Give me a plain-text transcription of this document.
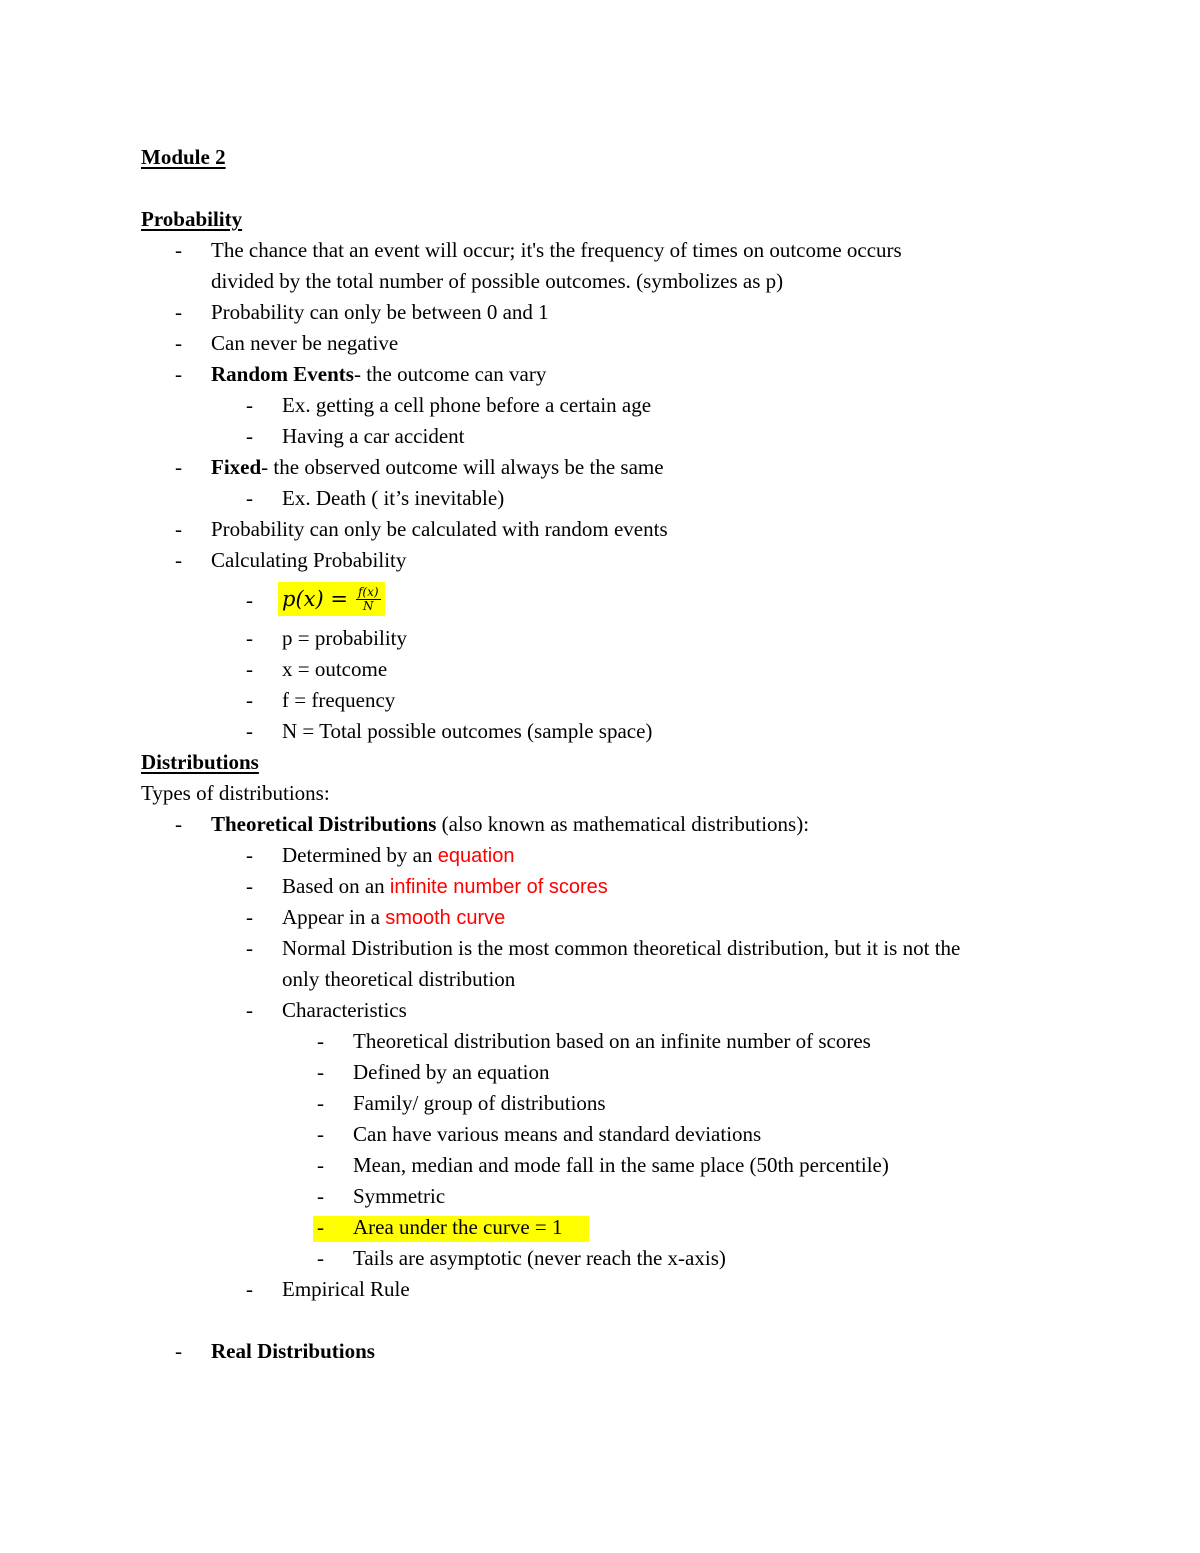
Module 2
Probability
-	The chance that an event will occur; it's the frequency of times on outcome occurs
divided by the total number of possible outcomes. (symbolizes as p)
-	Probability can only be between 0 and 1
-	Can never be negative
-	Random Events- the outcome can vary
-	Ex. getting a cell phone before a certain age
-	Having a car accident
-	Fixed- the observed outcome will always be the same
-	Ex. Death ( it’s inevitable)
-	Probability can only be calculated with random events
-	Calculating Probability
-	$p(x) = \frac{f(x)}{N}$
-	p = probability
-	x = outcome
-	f = frequency
-	N = Total possible outcomes (sample space)
Distributions
Types of distributions:
-	Theoretical Distributions (also known as mathematical distributions):
-	Determined by an equation
-	Based on an infinite number of scores
-	Appear in a smooth curve
-	Normal Distribution is the most common theoretical distribution, but it is not the
only theoretical distribution
-	Characteristics
-	Theoretical distribution based on an infinite number of scores
-	Defined by an equation
-	Family/ group of distributions
-	Can have various means and standard deviations
-	Mean, median and mode fall in the same place (50th percentile)
-	Symmetric
-	Area under the curve = 1
-	Tails are asymptotic (never reach the x-axis)
-	Empirical Rule
-	Real Distributions
